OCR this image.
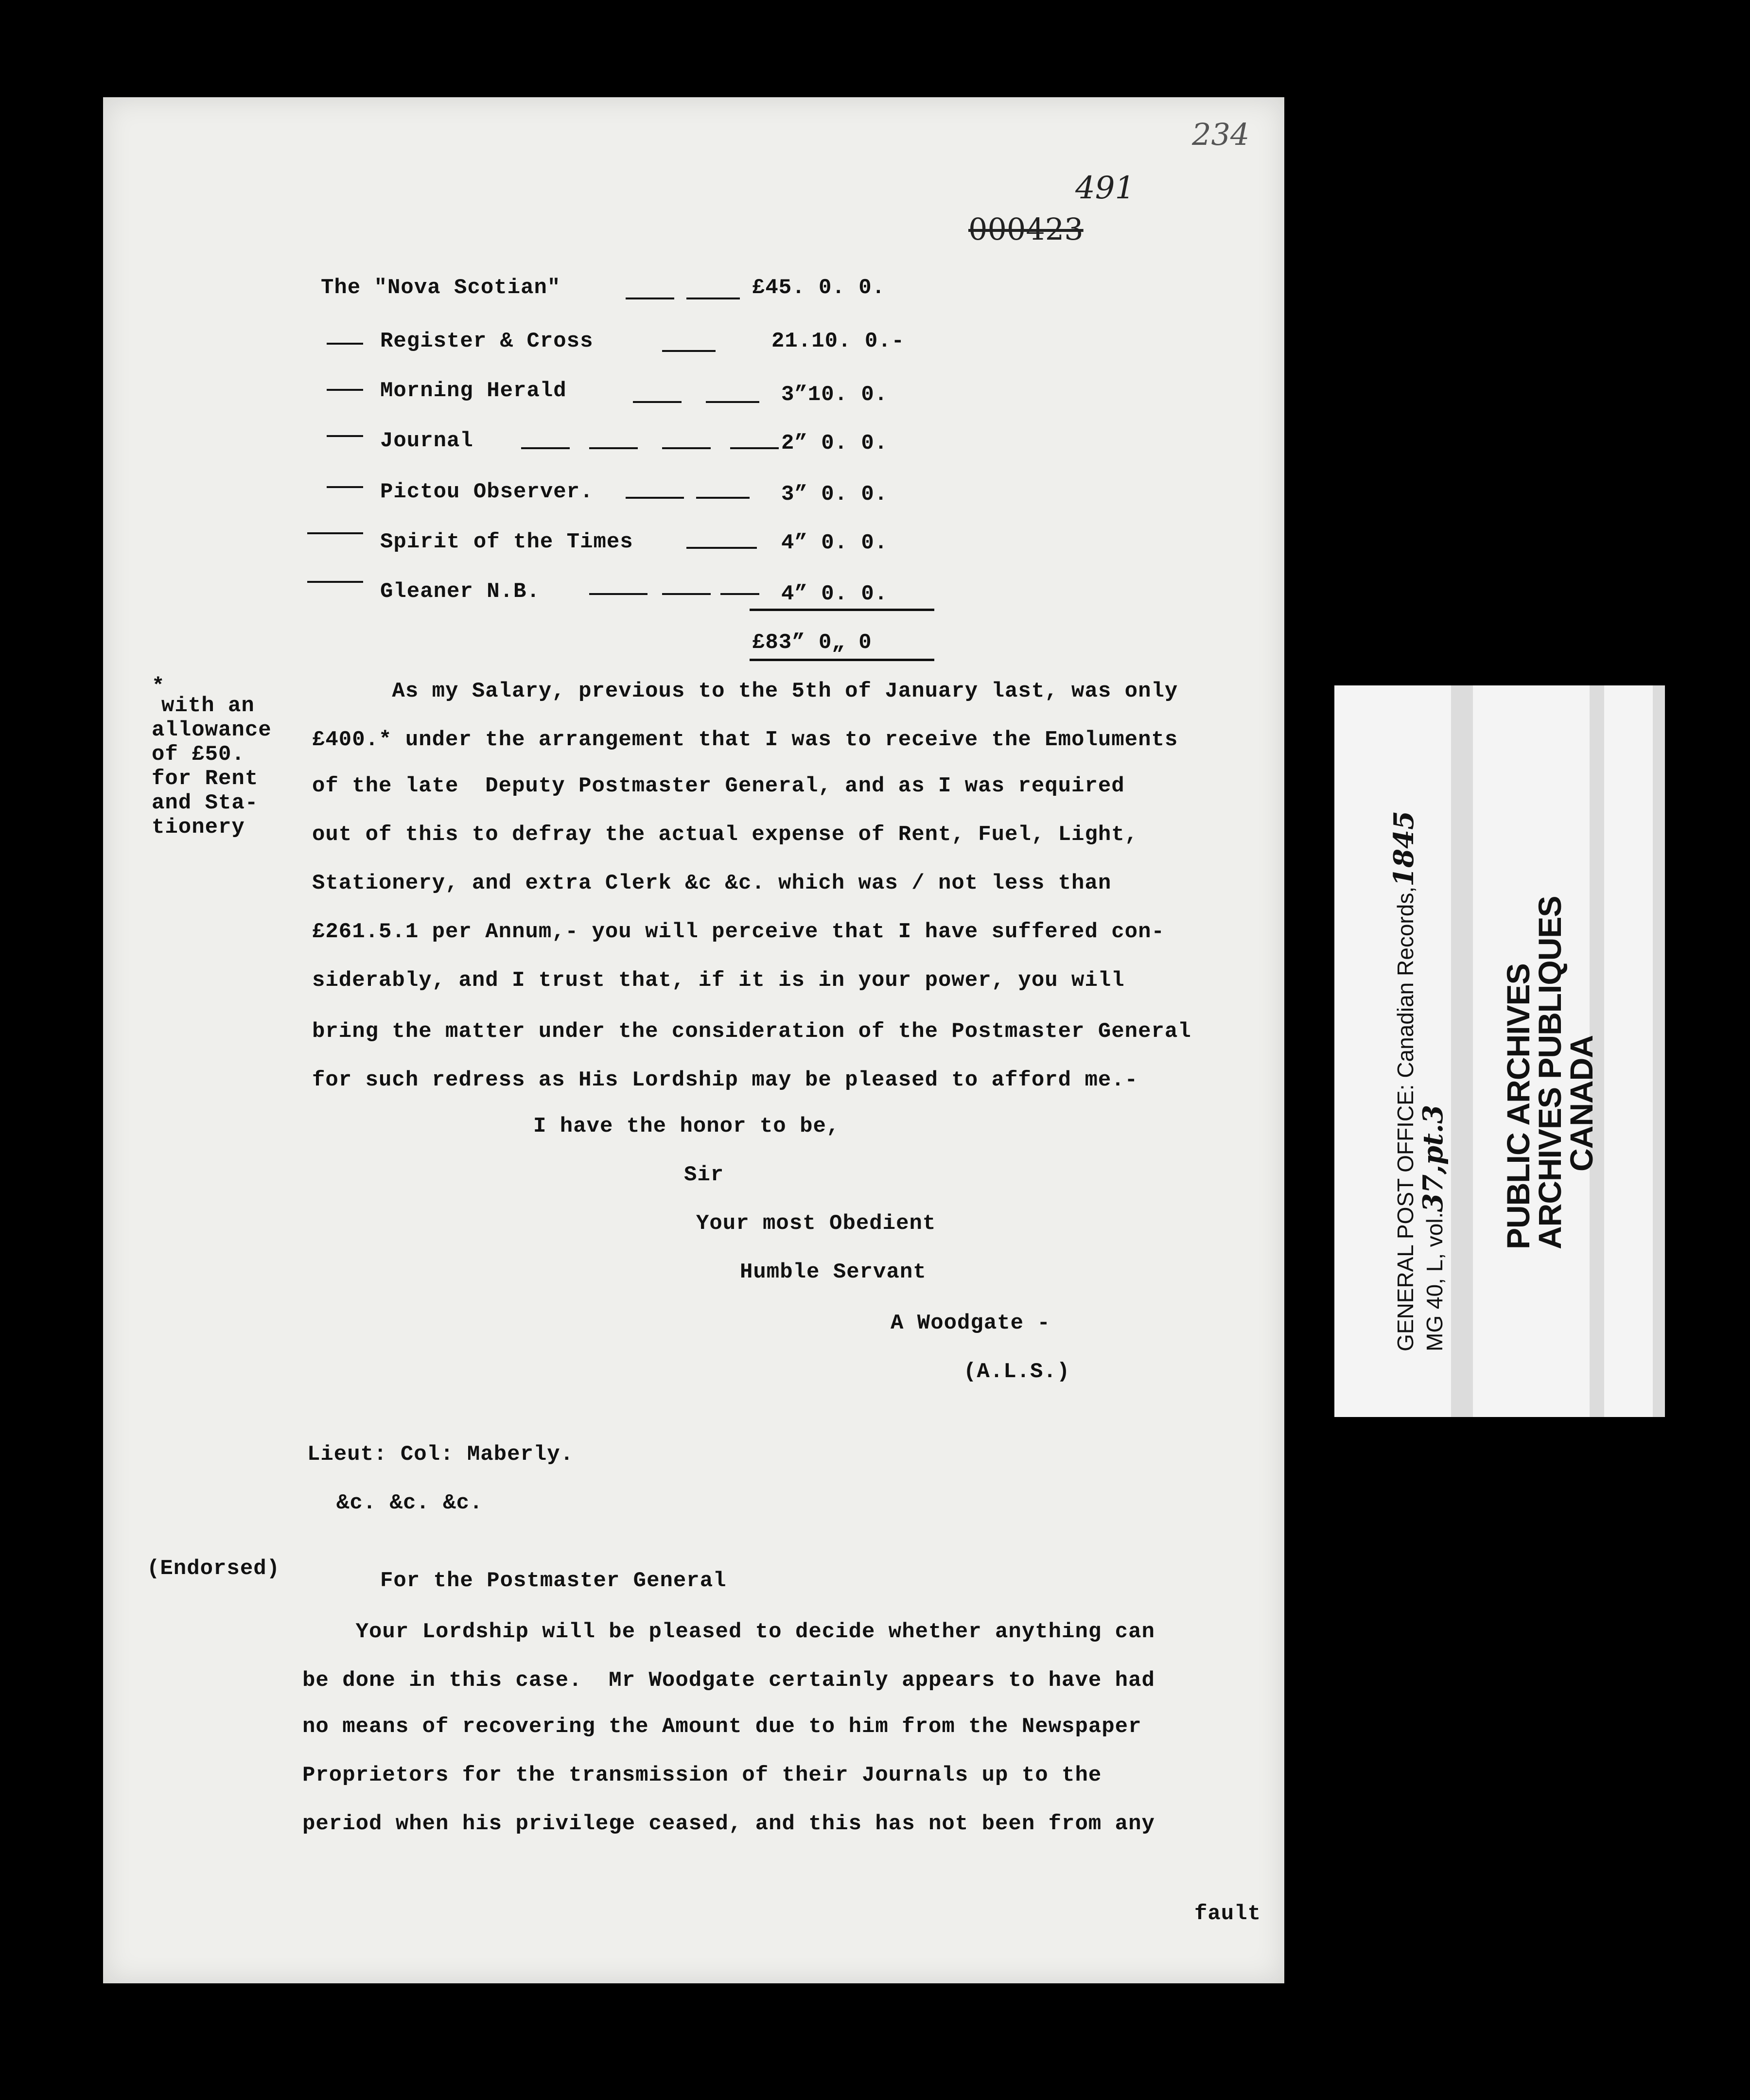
234
491
000423
The "Nova Scotian"	£45. 0. 0.
Register & Cross	21.10. 0.-
Morning Herald	3”10. 0.
Journal	2” 0. 0.
Pictou Observer.	3” 0. 0.
Spirit of the Times	4” 0. 0.
Gleaner N.B.	4” 0. 0.
£83” 0„ 0
*
with an
allowance
of £50.
for Rent
and Sta-
tionery
As my Salary, previous to the 5th of January last, was only
£400.* under the arrangement that I was to receive the Emoluments
of the late  Deputy Postmaster General, and as I was required
out of this to defray the actual expense of Rent, Fuel, Light,
Stationery, and extra Clerk &c &c. which was / not less than
£261.5.1 per Annum,- you will perceive that I have suffered con-
siderably, and I trust that, if it is in your power, you will
bring the matter under the consideration of the Postmaster General
for such redress as His Lordship may be pleased to afford me.-
I have the honor to be,
Sir
Your most Obedient
Humble Servant
A Woodgate -
(A.L.S.)
Lieut: Col: Maberly.
&c. &c. &c.
(Endorsed)	For the Postmaster General
Your Lordship will be pleased to decide whether anything can
be done in this case.  Mr Woodgate certainly appears to have had
no means of recovering the Amount due to him from the Newspaper
Proprietors for the transmission of their Journals up to the
period when his privilege ceased, and this has not been from any
fault
GENERAL POST OFFICE: Canadian Records,1845
MG 40, L, vol.37,pt.3 PUBLIC ARCHIVES
ARCHIVES PUBLIQUES
CANADA
